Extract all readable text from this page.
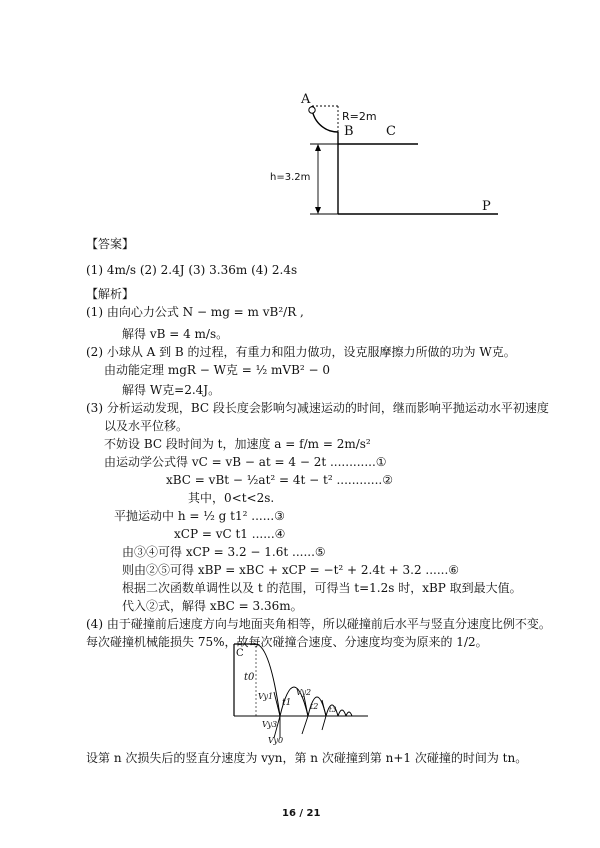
A
R=2m
B C
h=3.2m
P
【答案】
(1) 4m/s (2) 2.4J (3) 3.36m (4) 2.4s
【解析】
(1) 由向心力公式 N − mg = m vB²/R ,
解得 vB = 4 m/s。
(2) 小球从 A 到 B 的过程，有重力和阻力做功，设克服摩擦力所做的功为 W克。
由动能定理 mgR − W克 = ½ mVB² − 0
解得 W克=2.4J。
(3) 分析运动发现，BC 段长度会影响匀减速运动的时间，继而影响平抛运动水平初速度
以及水平位移。
不妨设 BC 段时间为 t，加速度 a = f/m = 2m/s²
由运动学公式得 vC = vB − at = 4 − 2t ............①
xBC = vBt − ½at² = 4t − t² ............②
其中，0<t<2s.
平抛运动中 h = ½ g t1² ......③
xCP = vC t1 ......④
由③④可得 xCP = 3.2 − 1.6t ......⑤
则由②⑤可得 xBP = xBC + xCP = −t² + 2.4t + 3.2 ......⑥
根据二次函数单调性以及 t 的范围，可得当 t=1.2s 时，xBP 取到最大值。
代入②式，解得 xBC = 3.36m。
(4) 由于碰撞前后速度方向与地面夹角相等，所以碰撞前后水平与竖直分速度比例不变。
每次碰撞机械能损失 75%，故每次碰撞合速度、分速度均变为原来的 1/2。
C
t0
t1 t2 t3
Vy1	Vy2
Vy3
Vy0
设第 n 次损失后的竖直分速度为 vyn，第 n 次碰撞到第 n+1 次碰撞的时间为 tn。
16 / 21
